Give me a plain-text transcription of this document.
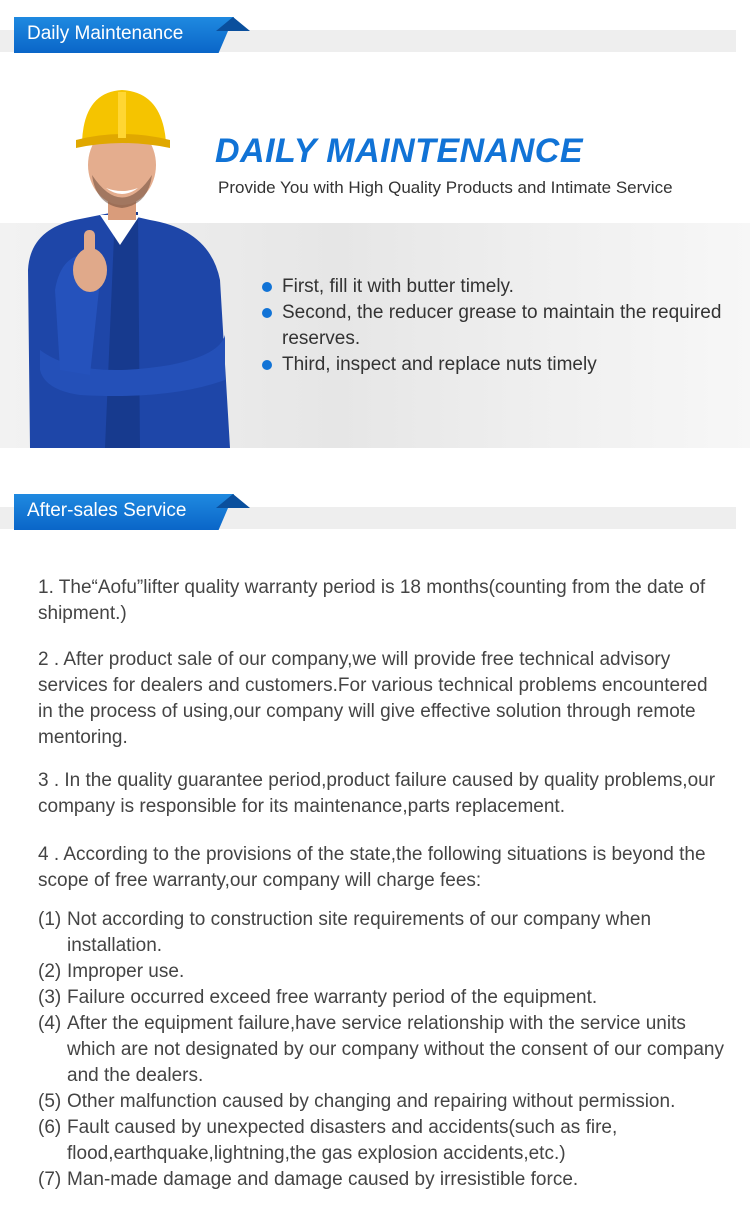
Daily Maintenance
DAILY MAINTENANCE
Provide You with High Quality Products and Intimate Service
First, fill it with butter timely.
Second, the reducer grease to maintain the required reserves.
Third, inspect and replace nuts timely
After-sales Service
1. The“Aofu”lifter quality warranty period is 18 months(counting from the date of shipment.)
2 . After product sale of our company,we will provide free technical advisory services for dealers and customers.For various technical problems encountered in the process of using,our company will give effective solution through remote mentoring.
3 . In the quality guarantee period,product failure caused by quality problems,our company is responsible for its maintenance,parts replacement.
4 . According to the provisions of the state,the following situations is beyond the scope of free warranty,our company will charge fees:
(1) Not according to construction site requirements of our company when installation.
(2) Improper use.
(3) Failure occurred exceed free warranty period of the equipment.
(4) After the equipment failure,have service relationship with the service units which are not designated by our company without the consent of our company and the dealers.
(5) Other malfunction caused by changing and repairing without permission.
(6) Fault caused by unexpected disasters and accidents(such as fire, flood,earthquake,lightning,the gas explosion accidents,etc.)
(7) Man-made damage and damage caused by irresistible force.
